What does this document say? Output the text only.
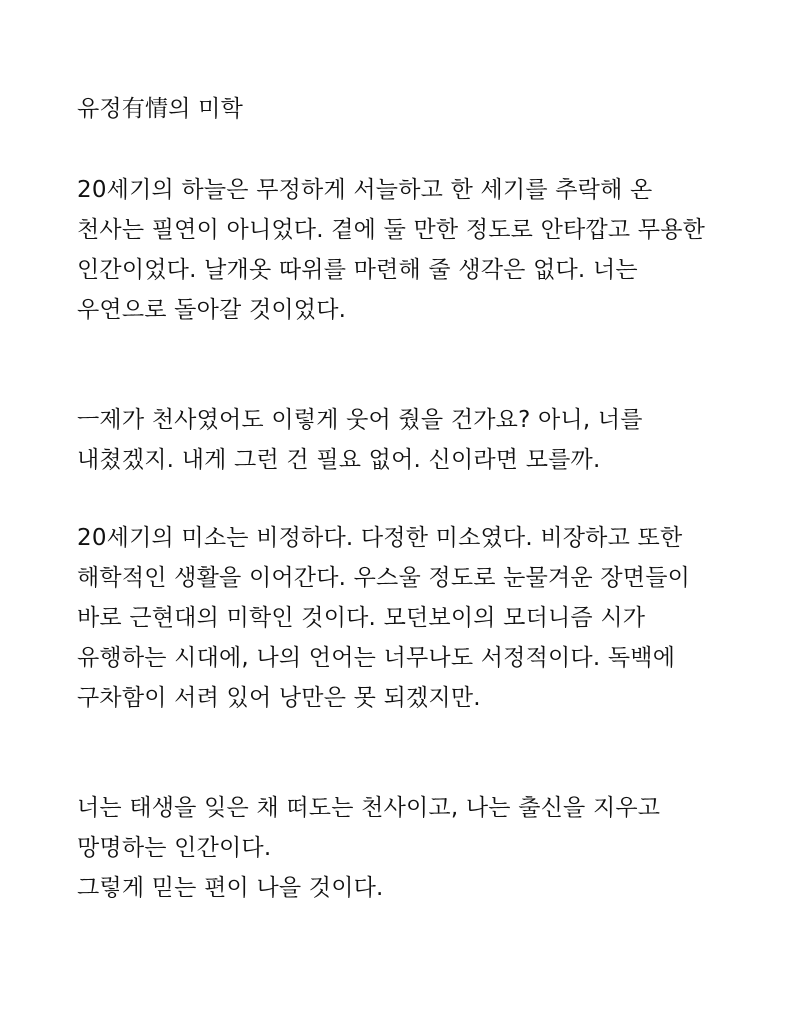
유정有情의 미학
20세기의 하늘은 무정하게 서늘하고 한 세기를 추락해 온
천사는 필연이 아니었다. 곁에 둘 만한 정도로 안타깝고 무용한
인간이었다. 날개옷 따위를 마련해 줄 생각은 없다. 너는
우연으로 돌아갈 것이었다.
ㅡ제가 천사였어도 이렇게 웃어 줬을 건가요? 아니, 너를
내쳤겠지. 내게 그런 건 필요 없어. 신이라면 모를까.
20세기의 미소는 비정하다. 다정한 미소였다. 비장하고 또한
해학적인 생활을 이어간다. 우스울 정도로 눈물겨운 장면들이
바로 근현대의 미학인 것이다. 모던보이의 모더니즘 시가
유행하는 시대에, 나의 언어는 너무나도 서정적이다. 독백에
구차함이 서려 있어 낭만은 못 되겠지만.
너는 태생을 잊은 채 떠도는 천사이고, 나는 출신을 지우고
망명하는 인간이다.
그렇게 믿는 편이 나을 것이다.
